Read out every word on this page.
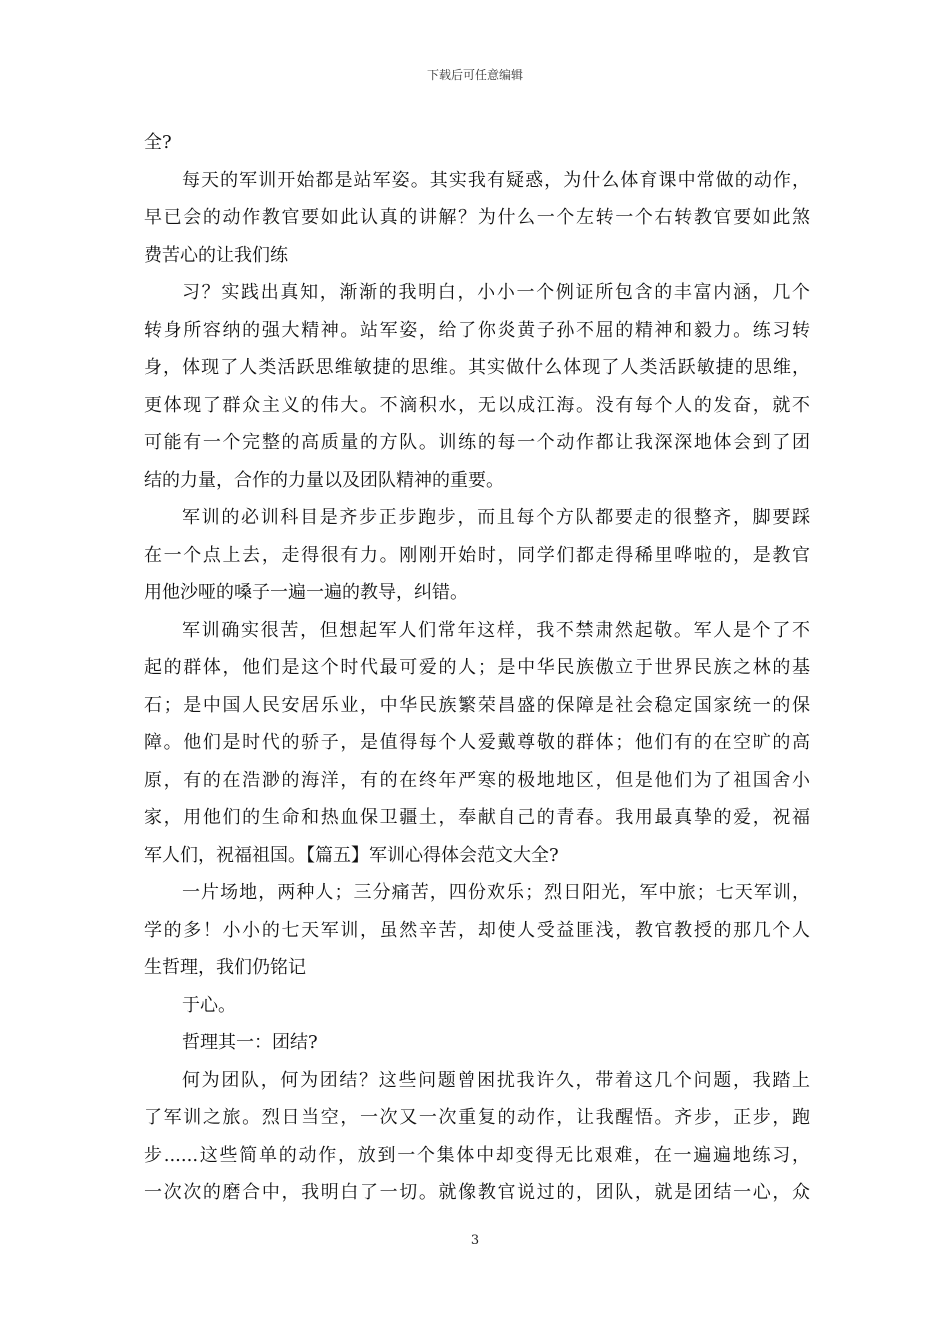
下载后可任意编辑
全?
每天的军训开始都是站军姿。其实我有疑惑，为什么体育课中常做的动作，
早已会的动作教官要如此认真的讲解？为什么一个左转一个右转教官要如此煞
费苦心的让我们练
习？实践出真知，渐渐的我明白，小小一个例证所包含的丰富内涵，几个
转身所容纳的强大精神。站军姿，给了你炎黄子孙不屈的精神和毅力。练习转
身，体现了人类活跃思维敏捷的思维。其实做什么体现了人类活跃敏捷的思维，
更体现了群众主义的伟大。不滴积水，无以成江海。没有每个人的发奋，就不
可能有一个完整的高质量的方队。训练的每一个动作都让我深深地体会到了团
结的力量，合作的力量以及团队精神的重要。
军训的必训科目是齐步正步跑步，而且每个方队都要走的很整齐，脚要踩
在一个点上去，走得很有力。刚刚开始时，同学们都走得稀里哗啦的，是教官
用他沙哑的嗓子一遍一遍的教导，纠错。
军训确实很苦，但想起军人们常年这样，我不禁肃然起敬。军人是个了不
起的群体，他们是这个时代最可爱的人；是中华民族傲立于世界民族之林的基
石；是中国人民安居乐业，中华民族繁荣昌盛的保障是社会稳定国家统一的保
障。他们是时代的骄子，是值得每个人爱戴尊敬的群体；他们有的在空旷的高
原，有的在浩渺的海洋，有的在终年严寒的极地地区，但是他们为了祖国舍小
家，用他们的生命和热血保卫疆土，奉献自己的青春。我用最真挚的爱，祝福
军人们，祝福祖国。【篇五】军训心得体会范文大全?
一片场地，两种人；三分痛苦，四份欢乐；烈日阳光，军中旅；七天军训，
学的多！小小的七天军训，虽然辛苦，却使人受益匪浅，教官教授的那几个人
生哲理，我们仍铭记
于心。
哲理其一：团结?
何为团队，何为团结？这些问题曾困扰我许久，带着这几个问题，我踏上
了军训之旅。烈日当空，一次又一次重复的动作，让我醒悟。齐步，正步，跑
步......这些简单的动作，放到一个集体中却变得无比艰难，在一遍遍地练习，
一次次的磨合中，我明白了一切。就像教官说过的，团队，就是团结一心，众
3
